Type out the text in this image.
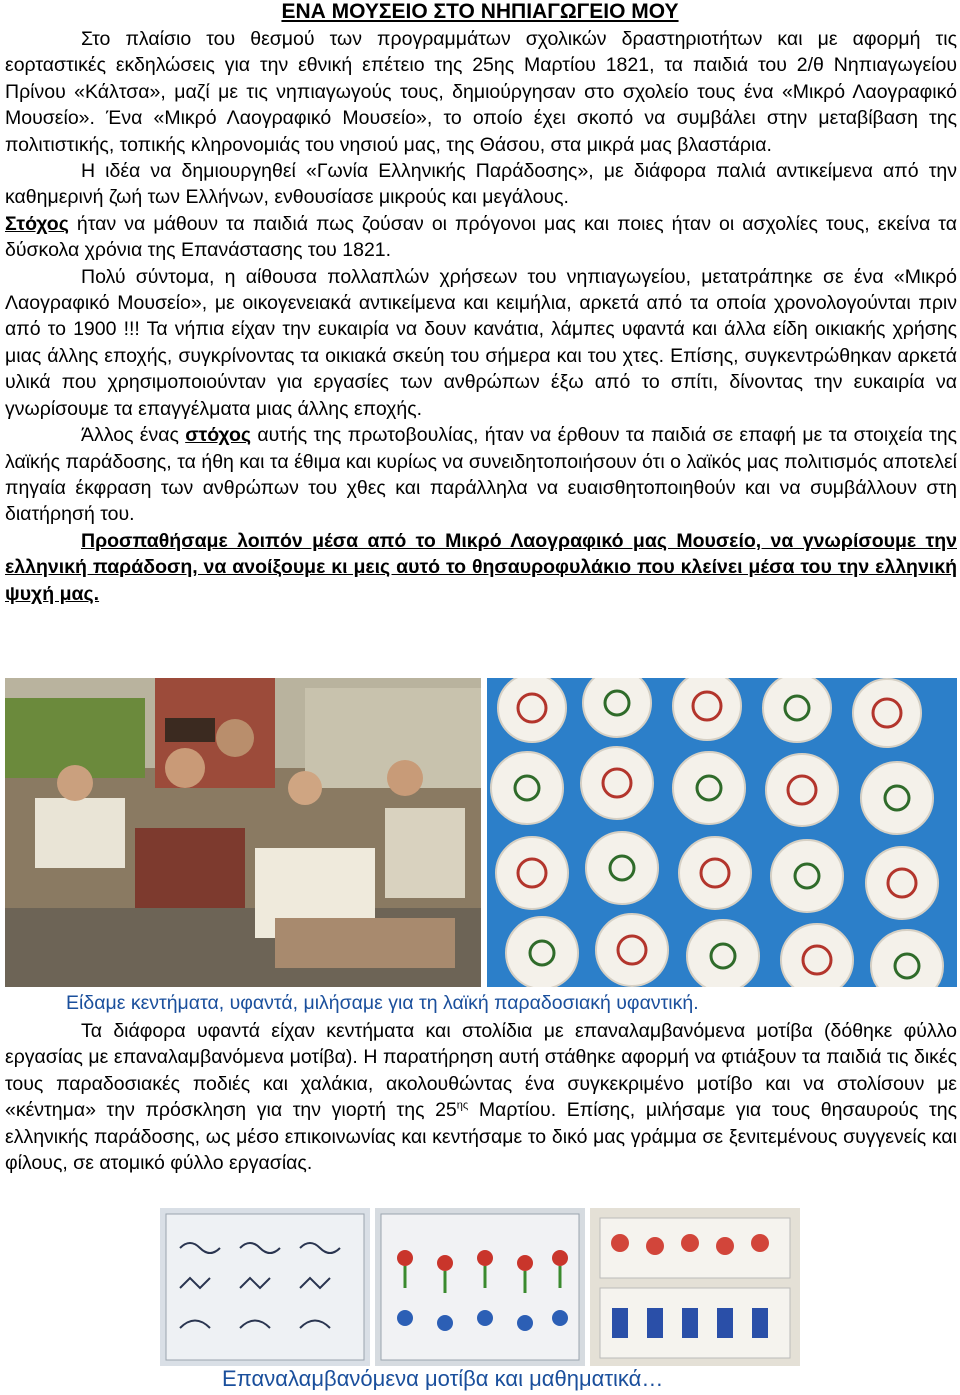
ΕΝΑ ΜΟΥΣΕΙΟ ΣΤΟ ΝΗΠΙΑΓΩΓΕΙΟ ΜΟΥ

Στο πλαίσιο του θεσμού των προγραμμάτων σχολικών δραστηριοτήτων και με αφορμή τις εορταστικές εκδηλώσεις για την εθνική επέτειο της 25ης Μαρτίου 1821, τα παιδιά του 2/θ Νηπιαγωγείου Πρίνου «Κάλτσα», μαζί με τις νηπιαγωγούς τους, δημιούργησαν στο σχολείο τους ένα «Μικρό Λαογραφικό Μουσείο». Ένα «Μικρό Λαογραφικό Μουσείο», το οποίο έχει σκοπό να συμβάλει στην μεταβίβαση της πολιτιστικής, τοπικής κληρονομιάς του νησιού μας, της Θάσου, στα μικρά μας βλαστάρια.

Η ιδέα να δημιουργηθεί «Γωνία Ελληνικής Παράδοσης», με διάφορα παλιά αντικείμενα από την καθημερινή ζωή των Ελλήνων, ενθουσίασε μικρούς και μεγάλους.

Στόχος ήταν να μάθουν τα παιδιά πως ζούσαν οι πρόγονοι μας και ποιες ήταν οι ασχολίες τους, εκείνα τα δύσκολα χρόνια της Επανάστασης του 1821.

Πολύ σύντομα, η αίθουσα πολλαπλών χρήσεων του νηπιαγωγείου, μετατράπηκε σε ένα «Μικρό Λαογραφικό Μουσείο», με οικογενειακά αντικείμενα και κειμήλια, αρκετά από τα οποία χρονολογούνται πριν από το 1900 !!! Τα νήπια είχαν την ευκαιρία να δουν κανάτια, λάμπες υφαντά και άλλα είδη οικιακής χρήσης μιας άλλης εποχής, συγκρίνοντας τα οικιακά σκεύη του σήμερα και του χτες. Επίσης, συγκεντρώθηκαν αρκετά υλικά που χρησιμοποιούνταν για εργασίες των ανθρώπων έξω από το σπίτι, δίνοντας την ευκαιρία να γνωρίσουμε τα επαγγέλματα μιας άλλης εποχής.

Άλλος ένας στόχος αυτής της πρωτοβουλίας, ήταν να έρθουν τα παιδιά σε επαφή με τα στοιχεία της λαϊκής παράδοσης, τα ήθη και τα έθιμα και κυρίως να συνειδητοποιήσουν ότι ο λαϊκός μας πολιτισμός αποτελεί πηγαία έκφραση των ανθρώπων του χθες και παράλληλα να ευαισθητοποιηθούν και να συμβάλλουν στη διατήρησή του.

Προσπαθήσαμε λοιπόν μέσα από το Μικρό Λαογραφικό μας Μουσείο, να γνωρίσουμε την ελληνική παράδοση, να ανοίξουμε κι μεις αυτό το θησαυροφυλάκιο που κλείνει μέσα του την ελληνική ψυχή μας.

Είδαμε κεντήματα, υφαντά, μιλήσαμε για τη λαϊκή παραδοσιακή υφαντική.

Τα διάφορα υφαντά είχαν κεντήματα και στολίδια με επαναλαμβανόμενα μοτίβα (δόθηκε φύλλο εργασίας με επαναλαμβανόμενα μοτίβα). Η παρατήρηση αυτή στάθηκε αφορμή να φτιάξουν τα παιδιά τις δικές τους παραδοσιακές ποδιές και χαλάκια, ακολουθώντας ένα συγκεκριμένο μοτίβο και να στολίσουν με «κέντημα» την πρόσκληση για την γιορτή της $25^{\eta\varsigma}$ Μαρτίου. Επίσης, μιλήσαμε για τους θησαυρούς της ελληνικής παράδοσης, ως μέσο επικοινωνίας και κεντήσαμε το δικό μας γράμμα σε ξενιτεμένους συγγενείς και φίλους, σε ατομικό φύλλο εργασίας.

Επαναλαμβανόμενα μοτίβα και μαθηματικά…
